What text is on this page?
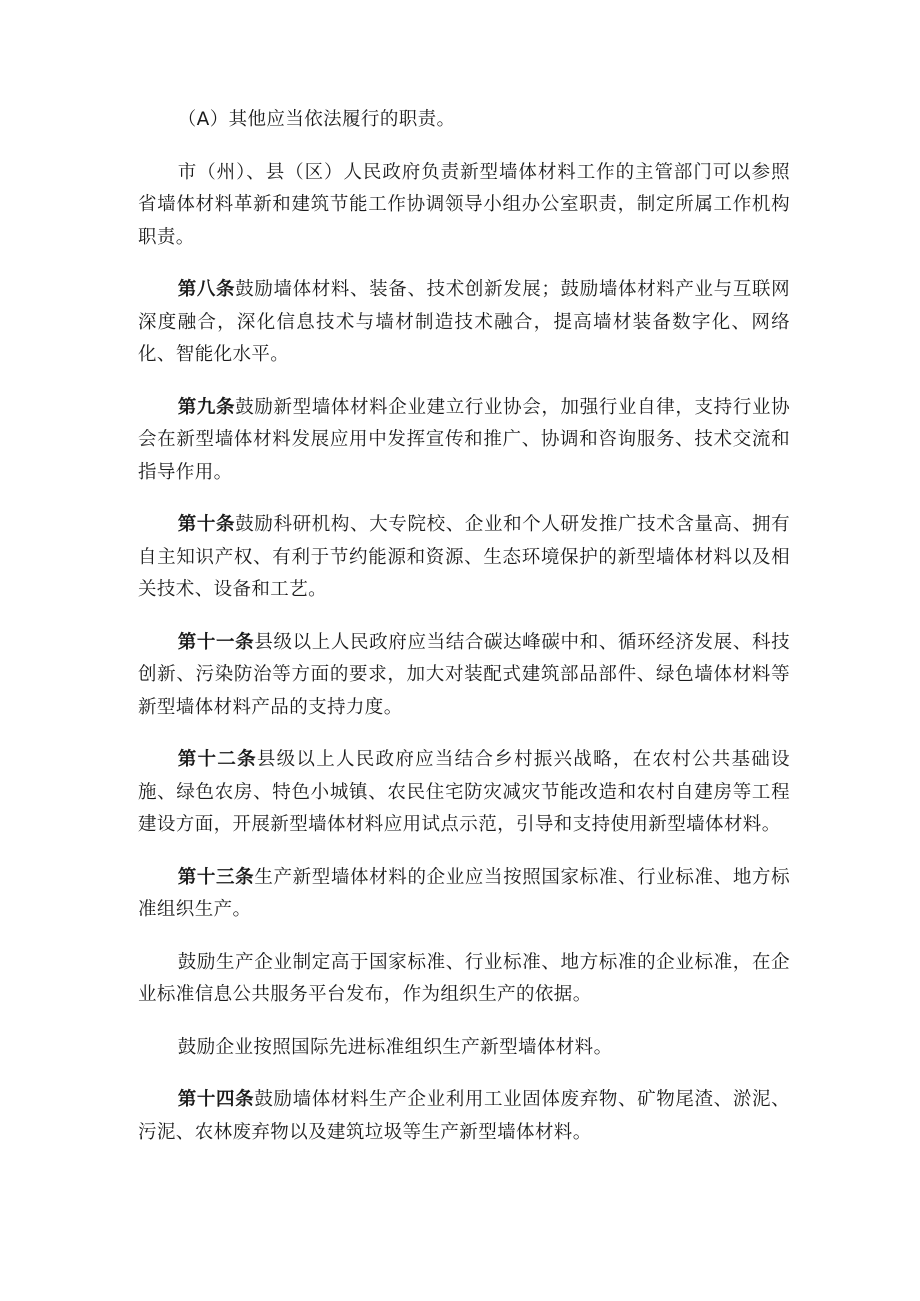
（A）其他应当依法履行的职责。

市（州）、县（区）人民政府负责新型墙体材料工作的主管部门可以参照省墙体材料革新和建筑节能工作协调领导小组办公室职责，制定所属工作机构职责。

第八条鼓励墙体材料、装备、技术创新发展；鼓励墙体材料产业与互联网深度融合，深化信息技术与墙材制造技术融合，提高墙材装备数字化、网络化、智能化水平。

第九条鼓励新型墙体材料企业建立行业协会，加强行业自律，支持行业协会在新型墙体材料发展应用中发挥宣传和推广、协调和咨询服务、技术交流和指导作用。

第十条鼓励科研机构、大专院校、企业和个人研发推广技术含量高、拥有自主知识产权、有利于节约能源和资源、生态环境保护的新型墙体材料以及相关技术、设备和工艺。

第十一条县级以上人民政府应当结合碳达峰碳中和、循环经济发展、科技创新、污染防治等方面的要求，加大对装配式建筑部品部件、绿色墙体材料等新型墙体材料产品的支持力度。

第十二条县级以上人民政府应当结合乡村振兴战略，在农村公共基础设施、绿色农房、特色小城镇、农民住宅防灾减灾节能改造和农村自建房等工程建设方面，开展新型墙体材料应用试点示范，引导和支持使用新型墙体材料。

第十三条生产新型墙体材料的企业应当按照国家标准、行业标准、地方标准组织生产。

鼓励生产企业制定高于国家标准、行业标准、地方标准的企业标准，在企业标准信息公共服务平台发布，作为组织生产的依据。

鼓励企业按照国际先进标准组织生产新型墙体材料。

第十四条鼓励墙体材料生产企业利用工业固体废弃物、矿物尾渣、淤泥、污泥、农林废弃物以及建筑垃圾等生产新型墙体材料。
